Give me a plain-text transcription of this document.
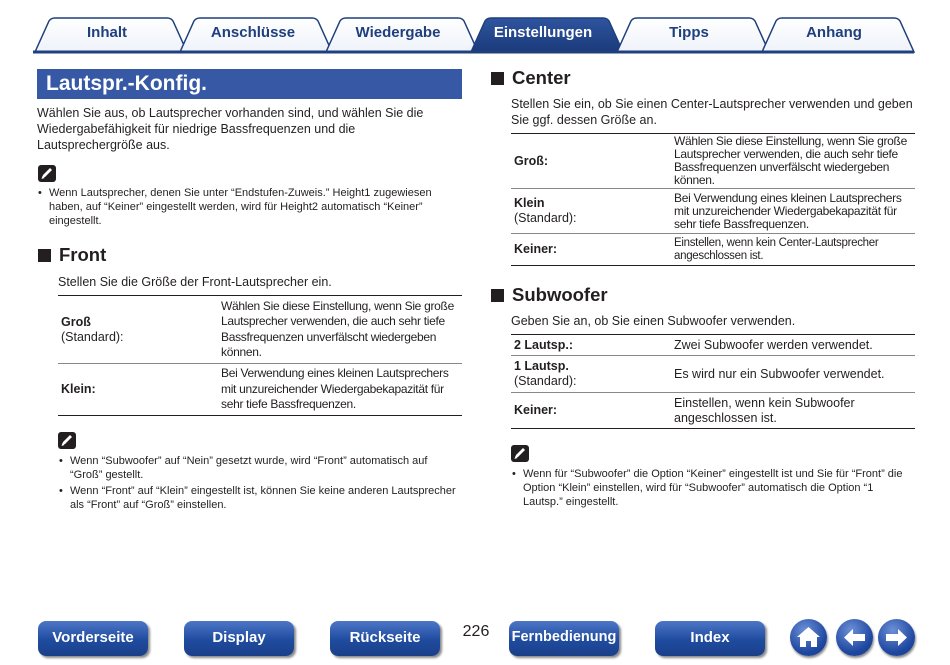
Inhalt	Anschlüsse	Wiedergabe	Einstellungen	Tipps	Anhang
Lautspr.-Konfig.
Wählen Sie aus, ob Lautsprecher vorhanden sind, und wählen Sie die Wiedergabefähigkeit für niedrige Bassfrequenzen und die Lautsprechergröße aus.
• Wenn Lautsprecher, denen Sie unter “Endstufen-Zuweis.” Height1 zugewiesen haben, auf “Keiner” eingestellt werden, wird für Height2 automatisch “Keiner” eingestellt.
Front
Stellen Sie die Größe der Front-Lautsprecher ein.
Groß
(Standard):	Wählen Sie diese Einstellung, wenn Sie große Lautsprecher verwenden, die auch sehr tiefe Bassfrequenzen unverfälscht wiedergeben können.

Klein:	Bei Verwendung eines kleinen Lautsprechers mit unzureichender Wiedergabekapazität für sehr tiefe Bassfrequenzen.
• Wenn “Subwoofer” auf “Nein” gesetzt wurde, wird “Front” automatisch auf “Groß” gestellt.
• Wenn “Front” auf “Klein” eingestellt ist, können Sie keine anderen Lautsprecher als “Front” auf “Groß” einstellen.
Center
Stellen Sie ein, ob Sie einen Center-Lautsprecher verwenden und geben Sie ggf. dessen Größe an.
Groß:	Wählen Sie diese Einstellung, wenn Sie große Lautsprecher verwenden, die auch sehr tiefe Bassfrequenzen unverfälscht wiedergeben können.

Klein
(Standard):	Bei Verwendung eines kleinen Lautsprechers mit unzureichender Wiedergabekapazität für sehr tiefe Bassfrequenzen.

Keiner:	Einstellen, wenn kein Center-Lautsprecher angeschlossen ist.
Subwoofer
Geben Sie an, ob Sie einen Subwoofer verwenden.
2 Lautsp.:	Zwei Subwoofer werden verwendet.

1 Lautsp.
(Standard):	Es wird nur ein Subwoofer verwendet.

Keiner:	Einstellen, wenn kein Subwoofer angeschlossen ist.
• Wenn für “Subwoofer” die Option “Keiner” eingestellt ist und Sie für “Front” die Option “Klein” einstellen, wird für “Subwoofer” automatisch die Option “1 Lautsp.” eingestellt.
Vorderseite	Display	Rückseite	226	Fernbedienung	Index
